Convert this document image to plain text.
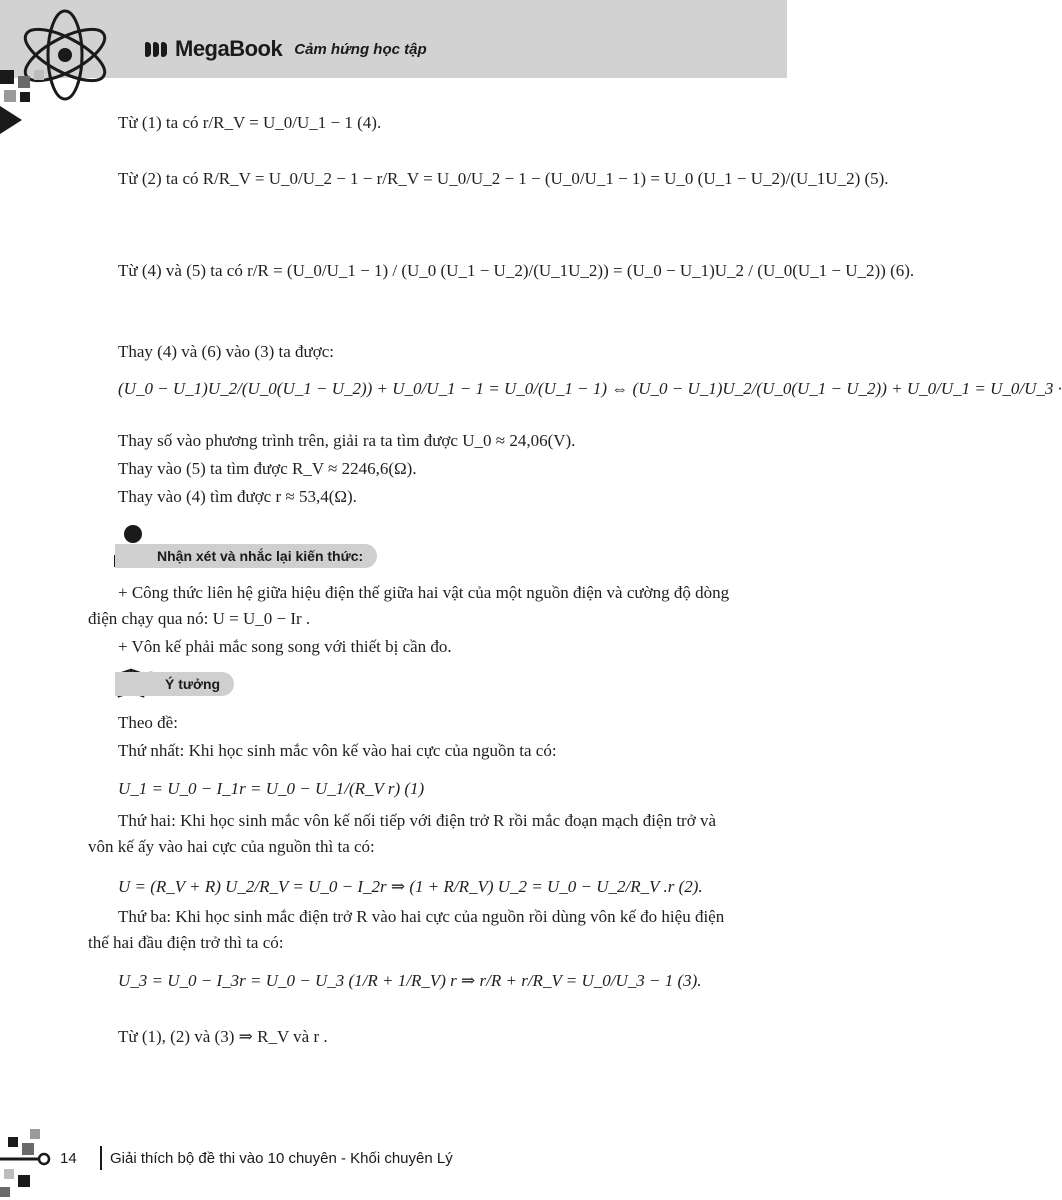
MegaBook Cảm hứng học tập
Từ (1) ta có r/R_V = U_0/U_1 − 1 (4).
Từ (2) ta có R/R_V = U_0/U_2 − 1 − r/R_V = U_0/U_2 − 1 − (U_0/U_1 − 1) = U_0 (U_1 − U_2)/(U_1U_2) (5).
Từ (4) và (5) ta có r/R = (U_0/U_1 − 1) / (U_0 (U_1 − U_2)/(U_1U_2)) = (U_0 − U_1)U_2 / (U_0(U_1 − U_2)) (6).
Thay (4) và (6) vào (3) ta được:
(U_0 − U_1)U_2/(U_0(U_1 − U_2)) + U_0/U_1 − 1 = U_0/(U_1 − 1) ⇔ (U_0 − U_1)U_2/(U_0(U_1 − U_2)) + U_0/U_1 = U_0/U_3 ·
Thay số vào phương trình trên, giải ra ta tìm được U_0 ≈ 24,06(V).
Thay vào (5) ta tìm được R_V ≈ 2246,6(Ω).
Thay vào (4) tìm được r ≈ 53,4(Ω).
Nhận xét và nhắc lại kiến thức:
+ Công thức liên hệ giữa hiệu điện thế giữa hai vật của một nguồn điện và cường độ dòng
điện chạy qua nó: U = U_0 − Ir .
+ Vôn kế phải mắc song song với thiết bị cần đo.
Ý tưởng
Theo đề:
Thứ nhất: Khi học sinh mắc vôn kế vào hai cực của nguồn ta có:
U_1 = U_0 − I_1r = U_0 − U_1/(R_V r) (1)
Thứ hai: Khi học sinh mắc vôn kế nối tiếp với điện trở R rồi mắc đoạn mạch điện trở và
vôn kế ấy vào hai cực của nguồn thì ta có:
U = (R_V + R) U_2/R_V = U_0 − I_2r ⇒ (1 + R/R_V) U_2 = U_0 − U_2/R_V .r (2).
Thứ ba: Khi học sinh mắc điện trở R vào hai cực của nguồn rồi dùng vôn kế đo hiệu điện
thế hai đầu điện trở thì ta có:
U_3 = U_0 − I_3r = U_0 − U_3 (1/R + 1/R_V) r ⇒ r/R + r/R_V = U_0/U_3 − 1 (3).
Từ (1), (2) và (3) ⇒ R_V và r .
14 Giải thích bộ đề thi vào 10 chuyên - Khối chuyên Lý
